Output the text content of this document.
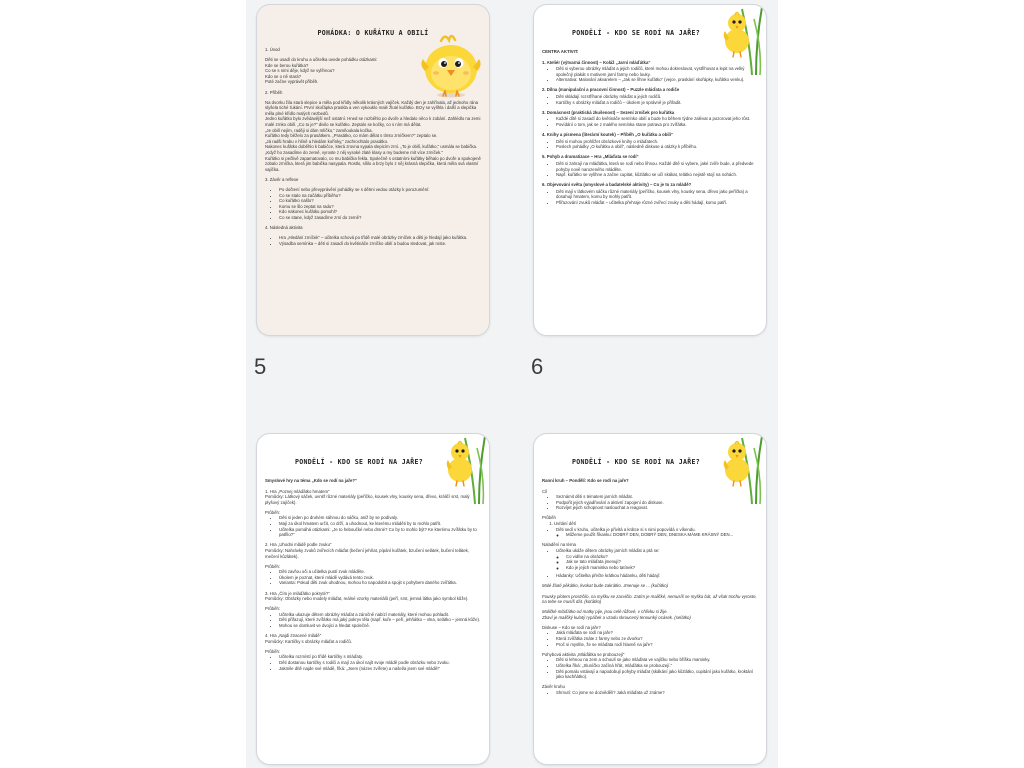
POHÁDKA: O KUŘÁTKU A OBILÍ

1. Úvod

Děti se usadí do kruhu a učitelka uvede pohádku otázkami:
Kde se berou kuřátka?
Co se s nimi děje, když se vylíhnou?
Kdo se o ně stará?
Poté začne vyprávět příběh.

2. Příběh

Na dvorku žila stará slepice a měla pod křídly několik krásných vajíček. Každý den je zahřívala, až jednoho rána slyšela tiché ťukání. První skořápka praskla a ven vykouklo malé žluté kuřátko. Brzy se vylíhla i další a slepička měla plné křídlo malých nezbedů.
Jedno kuřátko bylo zvědavější než ostatní. Hned se rozběhlo po dvoře a hledalo něco k zobání. Zahlédlo na zemi malé zrnko obilí. „Co to je?“ divilo se kuřátko. Zeptalo se kočky, co s ním má dělat.
„Je obilí nejím, raději si dám mlíčko,“ zamňoukala kočka.
Kuřátko tedy běželo za prasátkem. „Prasátko, co mám dělat s tímto zrníčkem?“ zeptalo se.
„Já radši hrabu v hlíně a hledám kořínky,“ zachrochtalo prasátko.
Nakonec kuřátko doběhlo k babičce, která zrovna sypala slepicím zrní. „To je obilí, kuřátko,“ usmála se babička. „Když ho zasadíme do země, vyroste z něj vysoké zlaté klasy a my budeme mít více zrníček.“
Kuřátko si pečlivě zapamatovalo, co mu babička řekla. Společně s ostatními kuřátky běhalo po dvoře a spokojeně zobalo zrníčka, která jim babička nasypala. Rostlo, sílilo a brzy bylo z něj krásná slepička, která měla svá vlastní vajíčka.

3. Závěr a reflexe

• Po dočtení nebo převyprávění pohádky se s dětmi vedou otázky k porozumění:
• Co se stalo na začátku příběhu?
• Co kuřátko našlo?
• Komu se šlo zeptat na radu?
• Kdo nakonec kuřátku pomohl?
• Co se stane, když zasadíme zrní do země?

4. Následná aktivita

• Hra „Hledání zrníček“ – učitelka schová po třídě malé obrázky zrníček a děti je hledají jako kuřátka.
• Výsadba semínka – děti si zasadí do květináče zrníčko obilí a budou sledovat, jak roste.
PONDĚLÍ - KDO SE RODÍ NA JAŘE?

CENTRA AKTIVIT:

1. Ateliér (výtvarná činnost) – Koláž „Jarní mláďátka“

• Děti si vyberou obrázky mláďat a jejich rodičů, které mohou dokreslovat, vystřihovat a lepit na velký společný plakát s motivem jarní farmy nebo louky.
• Alternativa: Malování akvarelem – „Jak se líhne kuřátko“ (vejce, praskání skořápky, kuřátko venku).

2. Dílna (manipulační a pracovní činnost) – Puzzle mláďata a rodiče

• Děti skládají rozstříhané obrázky mláďat a jejich rodičů.
• Kartičky s obrázky mláďat a rodičů – úkolem je správně je přiřadit.

3. Domácnost (praktická zkušenost) – Sezení zrníček pro kuřátka

• Každé dítě si zasadí do květináče semínko obilí a bude ho během týdne zalévat a pozorovat jeho růst.
• Povídání o tom, jak se z malého semínka stane potrava pro zvířátka.

4. Knihy a písmena (literární koutek) – Příběh „O kuřátku a obilí“

• Děti si mohou prohlížet obrázkové knihy o mláďatech.
• Poslech pohádky „O kuřátku a obilí“, následně diskuse a otázky k příběhu.

5. Pohyb a dramatizace – Hra „Mláďata se rodí“

• Děti si zahrají na mláďátka, která se rodí nebo líhnou. Každé dítě si vybere, jaké zvíře bude, a předvede pohyby nově narozeného mláděte.
• Např. kuřátko se vylíhne a začne cupitat, kůzlátko se učí skákat, telátko nejistě stojí na nohách.

6. Objevování světa (smyslové a badatelské aktivity) – Co je to za mládě?

• Děti mají v látkovém sáčku různé materiály (peříčko, kousek vlny, kousky sena, dřevo jako peříčka) a dosahují hmatem, komu by mohly patřit.
• Přiřazování zvuků mláďat – učitelka přehraje různé zvířecí zvuky a děti hádají, komu patří.
5	6
PONDĚLÍ - KDO SE RODÍ NA JAŘE?

Smyslové hry na téma „Kdo se rodí na jaře?“

1. Hra „Poznej mláďátko hmatem“
Pomůcky: Látkový sáček, uvnitř různé materiály (peříčko, kousek vlny, kousky sena, dřevo, králičí srst, malý plyšový zajíček).

Průběh:

• Děti si jeden po druhém sáhnou do sáčku, aniž by se podívaly.
• Mají za úkol hmatem určit, co drží, a uhodnout, ke kterému mláděti by to mohlo patřit.
• Učitelka pomáhá otázkami: „Je to heboučké nebo drsné? Co by to mohlo být? Ke kterému zvířátku by to patřilo?“

2. Hra „Uhodni mládě podle zvuku“
Pomůcky: Nahrávky zvuků zvířecích mláďat (bečení jehňat, pípání kuřátek, bzučení selátek, bučení telátek, mečení kůzlátek).

Průběh:

• Děti zavřou oči a učitelka pustí zvuk mláděte.
• Úkolem je poznat, které mládě vydává tento zvuk.
• Varianta: Pokud děti zvuk uhodnou, mohou ho napodobit a spojit s pohybem daného zvířátka.

3. Hra „Čím je mláďátko pokryté?“
Pomůcky: Obrázky nebo modely mláďat, reálné vzorky materiálů (peří, srst, jemná látka jako symbol kůže).

Průběh:

• Učitelka ukazuje dětem obrázky mláďat a záročně nabízí materiály, které mohou pohladit.
• Děti přiřazují, které zvířátko má jaký pokryv těla (např. kuře – peří, jehňátko – vlna, selátko – jemná kůže).
• Mohou se domluvit ve dvojici a hledat společně.

4. Hra „Najdi ztracené mládě“
Pomůcky: Kartičky s obrázky mláďat a rodičů.

Průběh:

• Učitelka rozmístí po třídě kartičky s mláďaty.
• Děti dostanou kartičky s rodiči a mají za úkol najít svoje mládě podle obrázku nebo zvuku.
• Jakmile dítě najde své mládě, říká: „Jsem (název zvířete) a našel/a jsem své mládě!“
PONDĚLÍ - KDO SE RODÍ NA JAŘE?

Ranní kruh – Pondělí: Kdo se rodí na jaře?

Cíl

• Seznámit děti s tématem jarních mláďat.
• Podpořit jejich vyjadřování a aktivní zapojení do diskuse.
• Rozvíjet jejich schopnost naslouchat a reagovat.

Průběh

1. Uvítání dětí
• Děti sedí v kruhu, učitelka je přivítá a krátce si s nimi popovídá o víkendu.
◦ Můžeme použít říkanku: DOBRÝ DEN, DOBRÝ DEN, DNESKA MÁME KRÁSNÝ DEN...

Naladění na téma

• Učitelka ukáže dětem obrázky jarních mláďat a ptá se:
◦ Co vidíte na obrázku?
◦ Jak se tato mláďata jmenují?
◦ Kdo je jejich maminka nebo tatínek?
• Hádanky: Učitelka přečte krátkou hádanku, děti hádají:

Malé žluté pěkátko, kvokat bude zakrátko. Jmenuje se ... (kuřátko)

Fousky plotem prostrčilo, na myšku se zacvičlo. Zatím je maličké, nemusíš se myška bát, až však trochu vyroste, na tebe se musíš dát. (koťátko)

Maličké mláďátko od matky pije, jsou celé růžové, v chlívku si žije.
Zbaví je maličký kulatý rypáček a vzadu skroucený tenounký ocásek. (selátko)

Diskuse – Kdo se rodí na jaře?

• Jaká mláďata se rodí na jaře?
• Která zvířátka znáte z farmy nebo ze dvorku?
• Proč si myslíte, že se mláďata rodí hlavně na jaře?

Pohybová aktivita „Mláďátka se probouzejí“

• Děti si lehnou na zem a schoulí se jako mláďata ve vajíčku nebo bříšku maminky.
• Učitelka říká: „Sluníčko začíná hřát, mláďátka se probouzejí.“
• Děti pomalu vstávají a napodobují pohyby mláďat (skákání jako kůzlátko, cupitání jako kuřátko, kroktání jako kachňátko).

Závěr kruhu

• Shrnutí: Co jsme se dozvěděli? Jaká mláďata už známe?
